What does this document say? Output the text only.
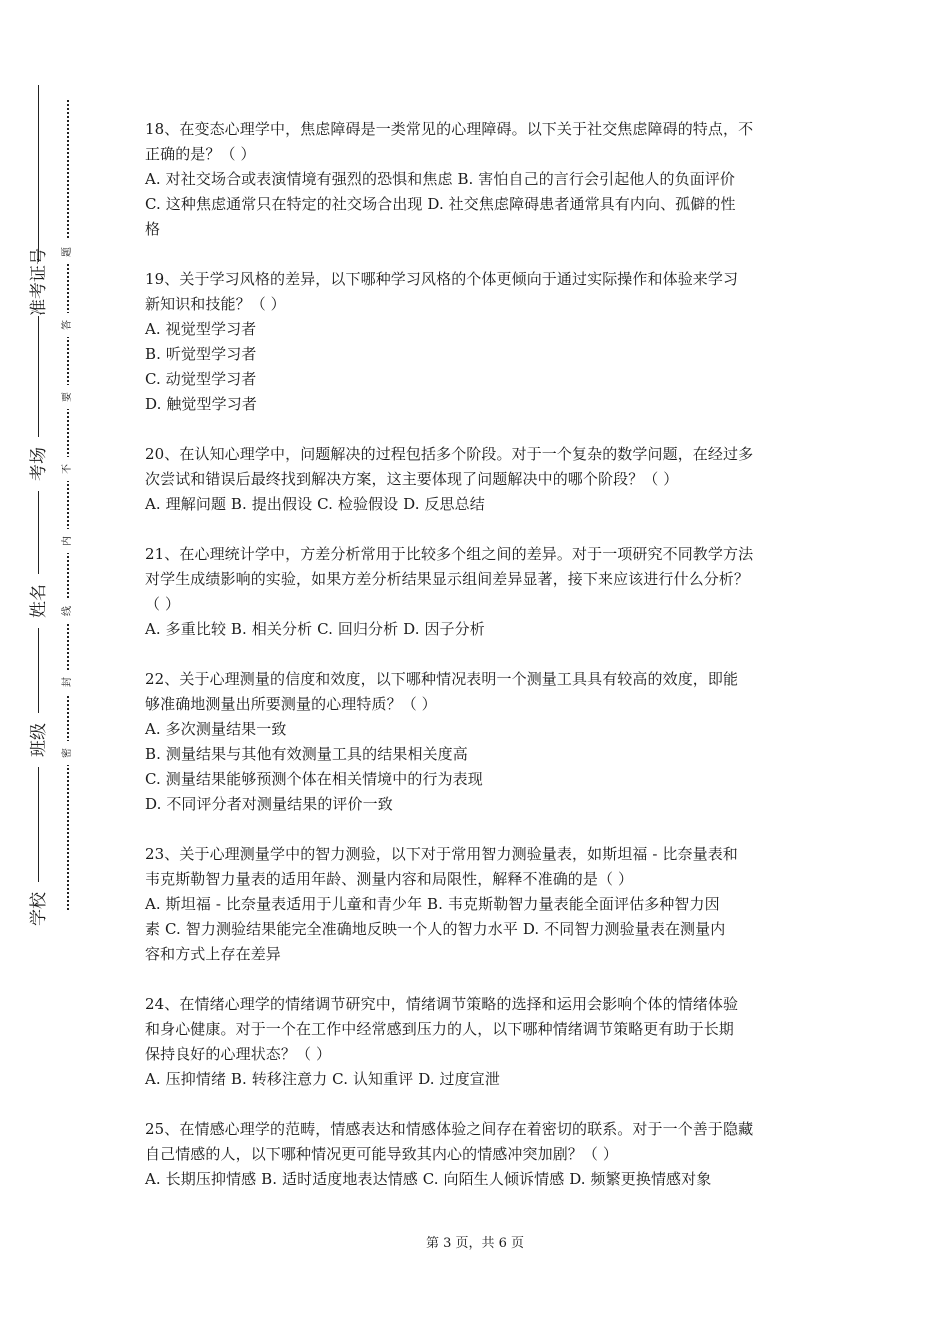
准考证号
考场
姓名
班级
学校
题
答
要
不
内
线
封
密
18、在变态心理学中，焦虑障碍是一类常见的心理障碍。以下关于社交焦虑障碍的特点，不
正确的是？（ ）
A. 对社交场合或表演情境有强烈的恐惧和焦虑 B. 害怕自己的言行会引起他人的负面评价
C. 这种焦虑通常只在特定的社交场合出现 D. 社交焦虑障碍患者通常具有内向、孤僻的性
格
19、关于学习风格的差异，以下哪种学习风格的个体更倾向于通过实际操作和体验来学习
新知识和技能？（ ）
A. 视觉型学习者
B. 听觉型学习者
C. 动觉型学习者
D. 触觉型学习者
20、在认知心理学中，问题解决的过程包括多个阶段。对于一个复杂的数学问题，在经过多
次尝试和错误后最终找到解决方案，这主要体现了问题解决中的哪个阶段？（ ）
A. 理解问题 B. 提出假设 C. 检验假设 D. 反思总结
21、在心理统计学中，方差分析常用于比较多个组之间的差异。对于一项研究不同教学方法
对学生成绩影响的实验，如果方差分析结果显示组间差异显著，接下来应该进行什么分析？
（ ）
A. 多重比较 B. 相关分析 C. 回归分析 D. 因子分析
22、关于心理测量的信度和效度，以下哪种情况表明一个测量工具具有较高的效度，即能
够准确地测量出所要测量的心理特质？（ ）
A. 多次测量结果一致
B. 测量结果与其他有效测量工具的结果相关度高
C. 测量结果能够预测个体在相关情境中的行为表现
D. 不同评分者对测量结果的评价一致
23、关于心理测量学中的智力测验，以下对于常用智力测验量表，如斯坦福 - 比奈量表和
韦克斯勒智力量表的适用年龄、测量内容和局限性，解释不准确的是（ ）
A. 斯坦福 - 比奈量表适用于儿童和青少年 B. 韦克斯勒智力量表能全面评估多种智力因
素 C. 智力测验结果能完全准确地反映一个人的智力水平 D. 不同智力测验量表在测量内
容和方式上存在差异
24、在情绪心理学的情绪调节研究中，情绪调节策略的选择和运用会影响个体的情绪体验
和身心健康。对于一个在工作中经常感到压力的人，以下哪种情绪调节策略更有助于长期
保持良好的心理状态？（ ）
A. 压抑情绪 B. 转移注意力 C. 认知重评 D. 过度宣泄
25、在情感心理学的范畴，情感表达和情感体验之间存在着密切的联系。对于一个善于隐藏
自己情感的人，以下哪种情况更可能导致其内心的情感冲突加剧？（ ）
A. 长期压抑情感 B. 适时适度地表达情感 C. 向陌生人倾诉情感 D. 频繁更换情感对象
第 3 页，共 6 页
